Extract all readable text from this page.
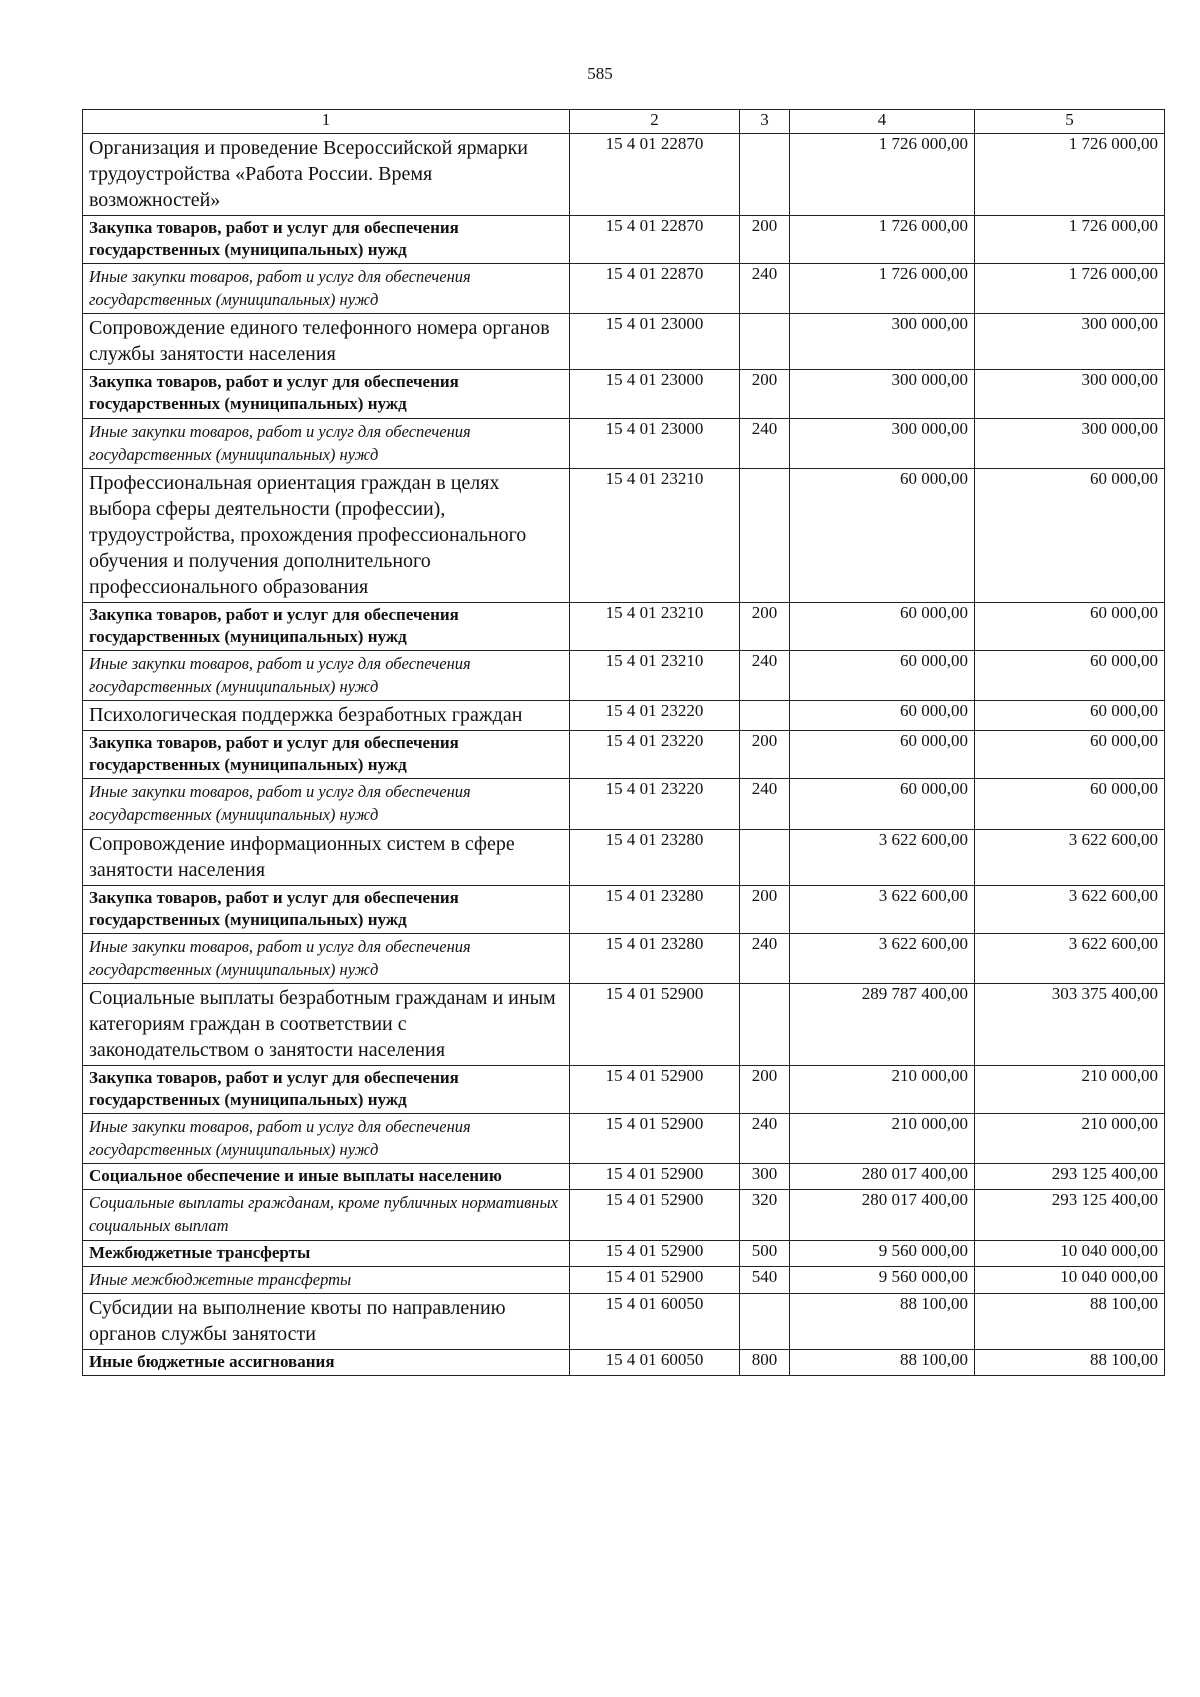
585
1	2	3	4	5
Организация и проведение Всероссийской ярмарки трудоустройства «Работа России. Время возможностей»	15 4 01 22870		1 726 000,00	1 726 000,00
Закупка товаров, работ и услуг для обеспечения государственных (муниципальных) нужд	15 4 01 22870	200	1 726 000,00	1 726 000,00
Иные закупки товаров, работ и услуг для обеспечения государственных (муниципальных) нужд	15 4 01 22870	240	1 726 000,00	1 726 000,00
Сопровождение единого телефонного номера органов службы занятости населения	15 4 01 23000		300 000,00	300 000,00
Закупка товаров, работ и услуг для обеспечения государственных (муниципальных) нужд	15 4 01 23000	200	300 000,00	300 000,00
Иные закупки товаров, работ и услуг для обеспечения государственных (муниципальных) нужд	15 4 01 23000	240	300 000,00	300 000,00
Профессиональная ориентация граждан в целях выбора сферы деятельности (профессии), трудоустройства, прохождения профессионального обучения и получения дополнительного профессионального образования	15 4 01 23210		60 000,00	60 000,00
Закупка товаров, работ и услуг для обеспечения государственных (муниципальных) нужд	15 4 01 23210	200	60 000,00	60 000,00
Иные закупки товаров, работ и услуг для обеспечения государственных (муниципальных) нужд	15 4 01 23210	240	60 000,00	60 000,00
Психологическая поддержка безработных граждан	15 4 01 23220		60 000,00	60 000,00
Закупка товаров, работ и услуг для обеспечения государственных (муниципальных) нужд	15 4 01 23220	200	60 000,00	60 000,00
Иные закупки товаров, работ и услуг для обеспечения государственных (муниципальных) нужд	15 4 01 23220	240	60 000,00	60 000,00
Сопровождение информационных систем в сфере занятости населения	15 4 01 23280		3 622 600,00	3 622 600,00
Закупка товаров, работ и услуг для обеспечения государственных (муниципальных) нужд	15 4 01 23280	200	3 622 600,00	3 622 600,00
Иные закупки товаров, работ и услуг для обеспечения государственных (муниципальных) нужд	15 4 01 23280	240	3 622 600,00	3 622 600,00
Социальные выплаты безработным гражданам и иным категориям граждан в соответствии с законодательством о занятости населения	15 4 01 52900		289 787 400,00	303 375 400,00
Закупка товаров, работ и услуг для обеспечения государственных (муниципальных) нужд	15 4 01 52900	200	210 000,00	210 000,00
Иные закупки товаров, работ и услуг для обеспечения государственных (муниципальных) нужд	15 4 01 52900	240	210 000,00	210 000,00
Социальное обеспечение и иные выплаты населению	15 4 01 52900	300	280 017 400,00	293 125 400,00
Социальные выплаты гражданам, кроме публичных нормативных социальных выплат	15 4 01 52900	320	280 017 400,00	293 125 400,00
Межбюджетные трансферты	15 4 01 52900	500	9 560 000,00	10 040 000,00
Иные межбюджетные трансферты	15 4 01 52900	540	9 560 000,00	10 040 000,00
Субсидии на выполнение квоты по направлению органов службы занятости	15 4 01 60050		88 100,00	88 100,00
Иные бюджетные ассигнования	15 4 01 60050	800	88 100,00	88 100,00
